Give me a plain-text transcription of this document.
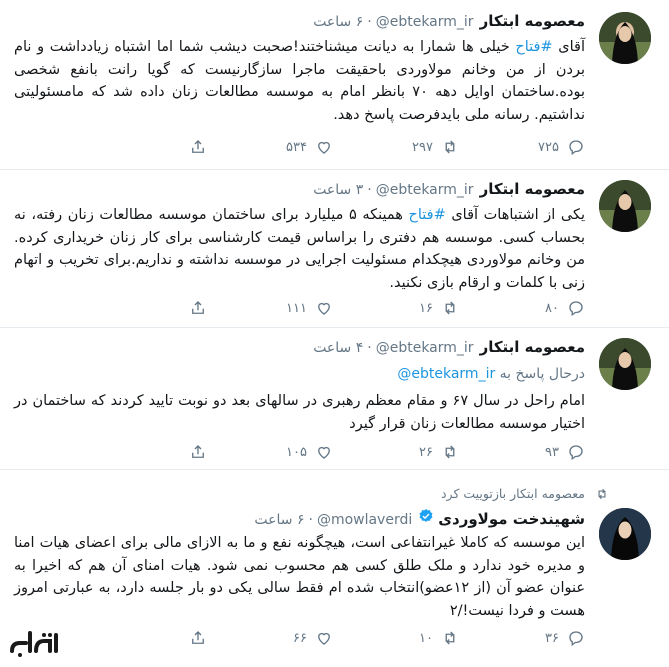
معصومه ابتکار
@ebtekarm_ir
·
۶ ساعت
آقای #فتاح خیلی ها شمارا به دیانت میشناختند!صحبت دیشب شما اما اشتباه زیادداشت و نام بردن از من وخانم مولاوردی باحقیقت ماجرا سازگارنیست که گویا رانت بانفع شخصی بوده.ساختمان اوایل دهه ۷۰ بانظر امام به موسسه مطالعات زنان داده شد که مامسئولیتی نداشتیم. رسانه ملی بایدفرصت پاسخ دهد.
۷۲۵
۲۹۷
۵۳۴
معصومه ابتکار
@ebtekarm_ir
·
۳ ساعت
یکی از اشتباهات آقای #فتاح همینکه ۵ میلیارد برای ساختمان موسسه مطالعات زنان رفته، نه بحساب کسی. موسسه هم دفتری را براساس قیمت کارشناسی برای کار زنان خریداری کرده. من وخانم مولاوردی هیچکدام مسئولیت اجرایی در موسسه نداشته و نداریم.برای تخریب و اتهام زنی با کلمات و ارقام بازی نکنید.
۸۰
۱۶
۱۱۱
معصومه ابتکار
@ebtekarm_ir
·
۴ ساعت
درحال پاسخ به @ebtekarm_ir
امام راحل در سال ۶۷ و مقام معظم رهبری در سالهای بعد دو نوبت تایید کردند که ساختمان در اختیار موسسه مطالعات زنان قرار گیرد
۹۳
۲۶
۱۰۵
معصومه ابتکار بازتوییت کرد
شهیندخت مولاوردی
@mowlaverdi
·
۶ ساعت
این موسسه که کاملا غیرانتفاعی است، هیچگونه نفع و ما به الازای مالی برای اعضای هیات امنا و مدیره خود ندارد و ملک طلق کسی هم محسوب نمی شود. هیات امنای آن هم که اخیرا به عنوان عضو آن (از ۱۲عضو)انتخاب شده ام فقط سالی یکی دو بار جلسه دارد، به عبارتی امروز هست و فردا نیست!/۲
۳۶
۱۰
۶۶
